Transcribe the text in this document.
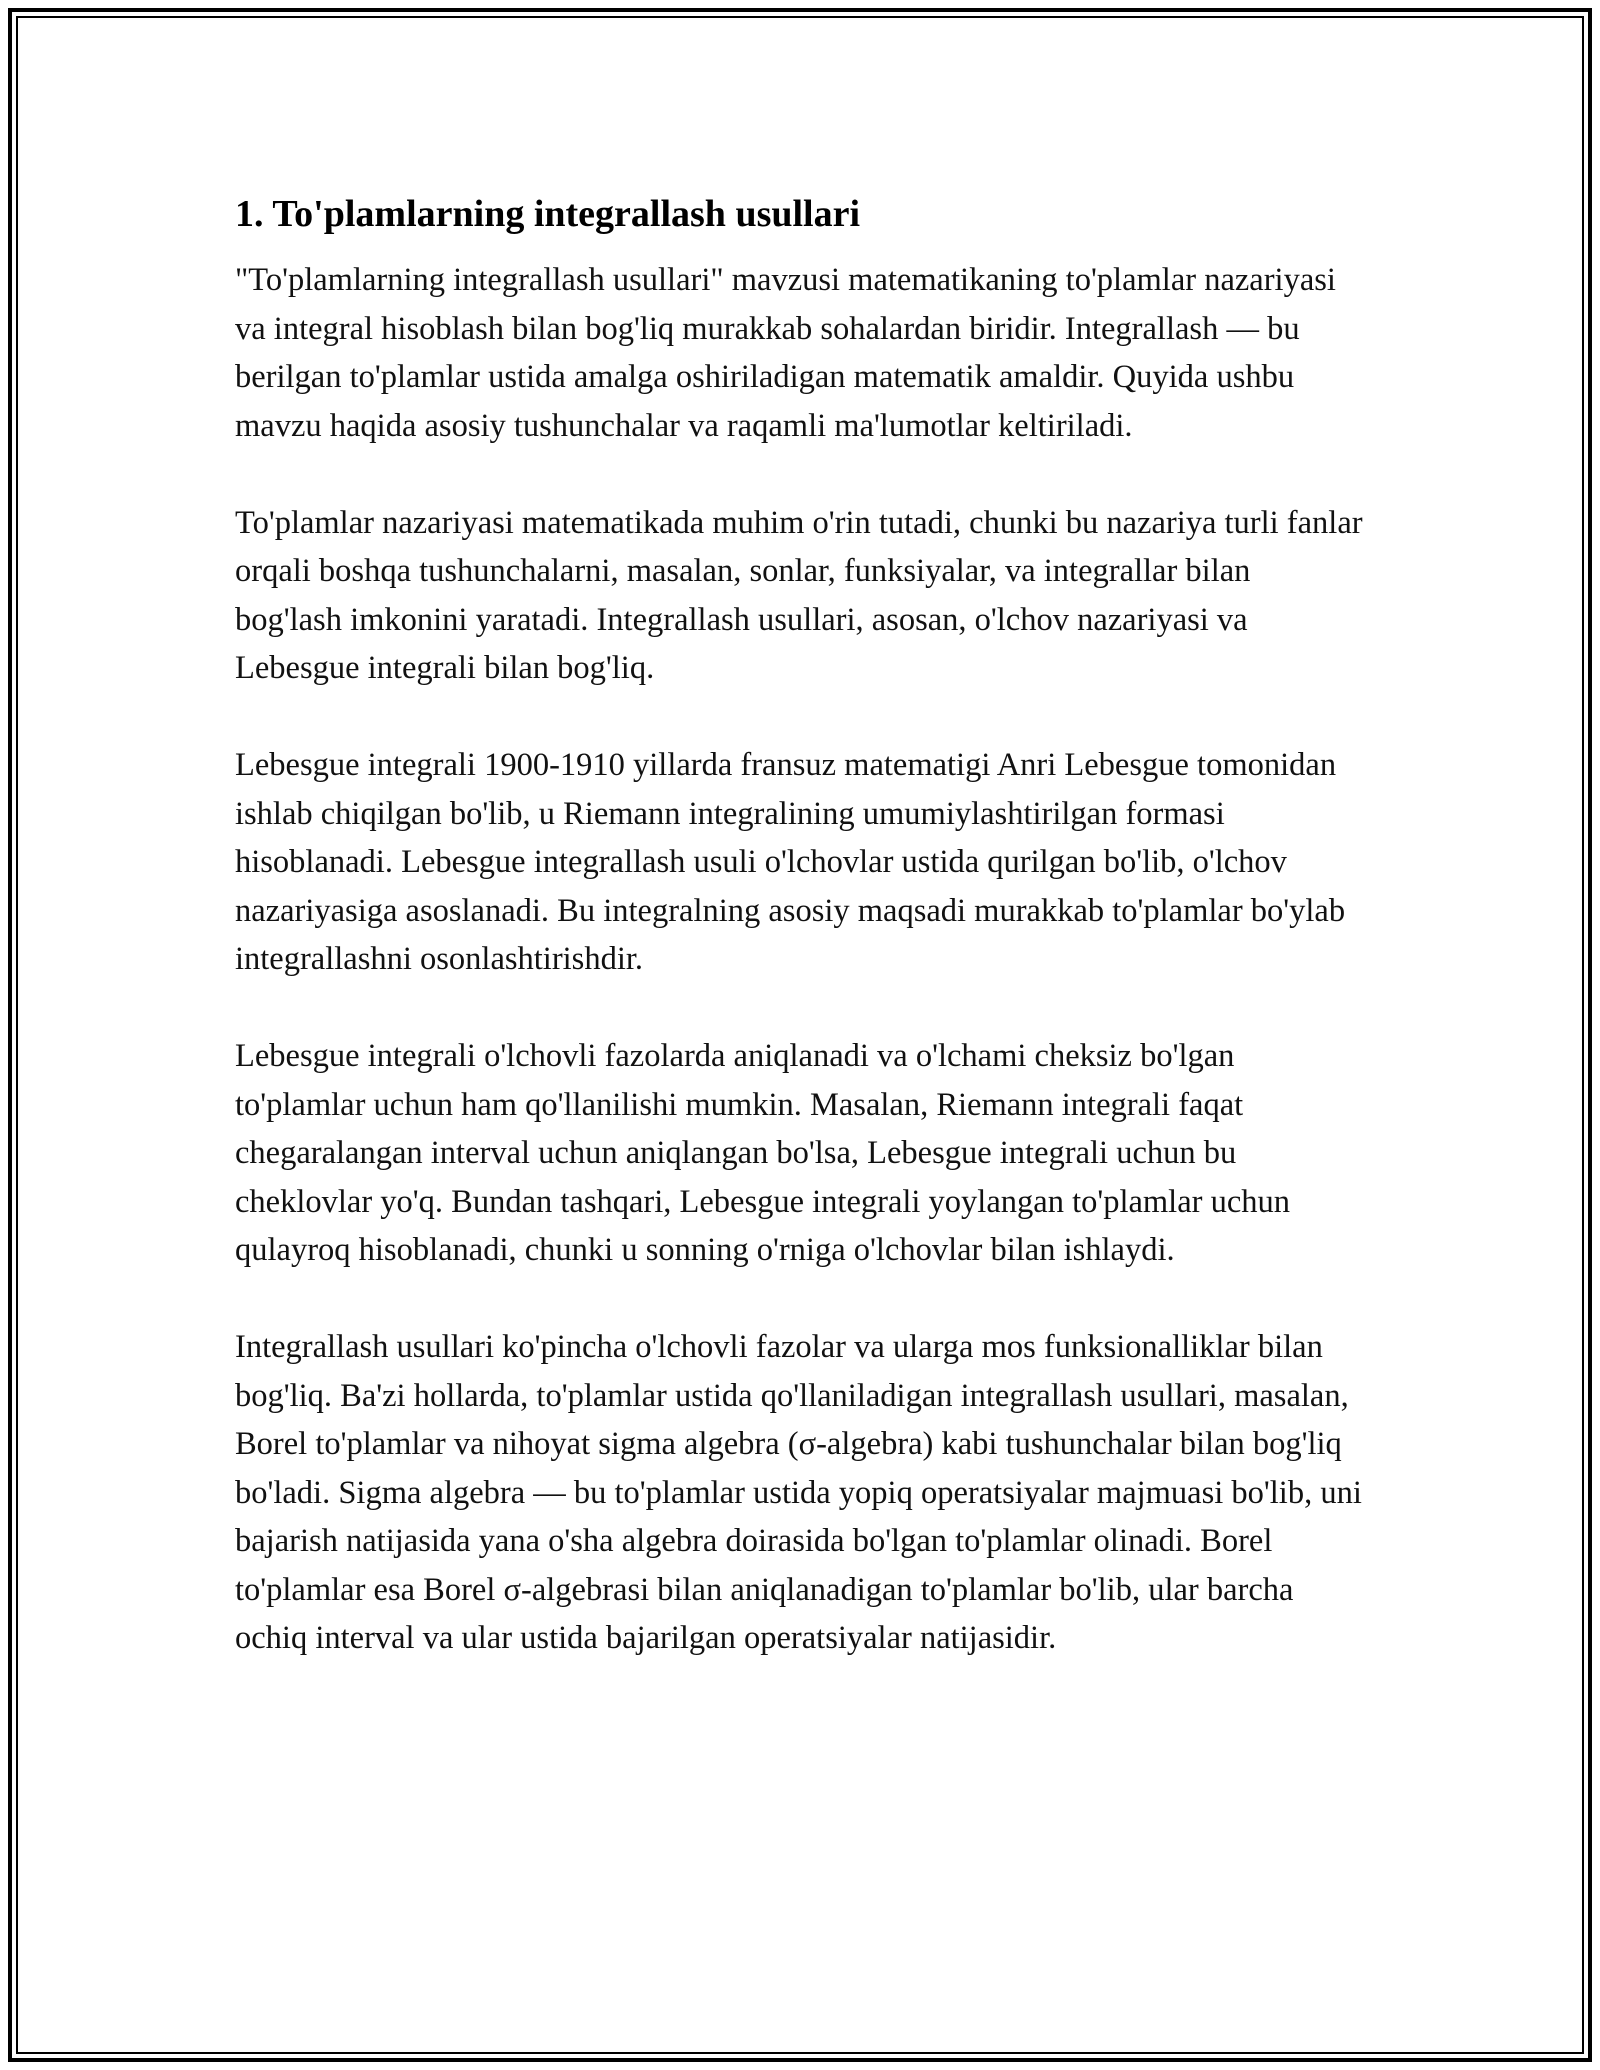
1. To'plamlarning integrallash usullari

"To'plamlarning integrallash usullari" mavzusi matematikaning to'plamlar nazariyasi va integral hisoblash bilan bog'liq murakkab sohalardan biridir. Integrallash — bu berilgan to'plamlar ustida amalga oshiriladigan matematik amaldir. Quyida ushbu mavzu haqida asosiy tushunchalar va raqamli ma'lumotlar keltiriladi.

To'plamlar nazariyasi matematikada muhim o'rin tutadi, chunki bu nazariya turli fanlar orqali boshqa tushunchalarni, masalan, sonlar, funksiyalar, va integrallar bilan bog'lash imkonini yaratadi. Integrallash usullari, asosan, o'lchov nazariyasi va Lebesgue integrali bilan bog'liq.

Lebesgue integrali 1900-1910 yillarda fransuz matematigi Anri Lebesgue tomonidan ishlab chiqilgan bo'lib, u Riemann integralining umumiylashtirilgan formasi hisoblanadi. Lebesgue integrallash usuli o'lchovlar ustida qurilgan bo'lib, o'lchov nazariyasiga asoslanadi. Bu integralning asosiy maqsadi murakkab to'plamlar bo'ylab integrallashni osonlashtirishdir.

Lebesgue integrali o'lchovli fazolarda aniqlanadi va o'lchami cheksiz bo'lgan to'plamlar uchun ham qo'llanilishi mumkin. Masalan, Riemann integrali faqat chegaralangan interval uchun aniqlangan bo'lsa, Lebesgue integrali uchun bu cheklovlar yo'q. Bundan tashqari, Lebesgue integrali yoylangan to'plamlar uchun qulayroq hisoblanadi, chunki u sonning o'rniga o'lchovlar bilan ishlaydi.

Integrallash usullari ko'pincha o'lchovli fazolar va ularga mos funksionalliklar bilan bog'liq. Ba'zi hollarda, to'plamlar ustida qo'llaniladigan integrallash usullari, masalan, Borel to'plamlar va nihoyat sigma algebra (σ-algebra) kabi tushunchalar bilan bog'liq bo'ladi. Sigma algebra — bu to'plamlar ustida yopiq operatsiyalar majmuasi bo'lib, uni bajarish natijasida yana o'sha algebra doirasida bo'lgan to'plamlar olinadi. Borel to'plamlar esa Borel σ-algebrasi bilan aniqlanadigan to'plamlar bo'lib, ular barcha ochiq interval va ular ustida bajarilgan operatsiyalar natijasidir.
